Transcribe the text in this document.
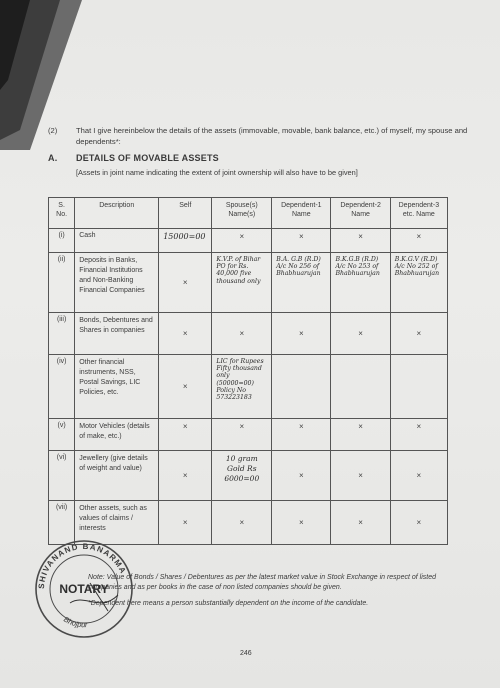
(2) That I give hereinbelow the details of the assets (immovable, movable, bank balance, etc.) of myself, my spouse and dependents*:
A. DETAILS OF MOVABLE ASSETS
[Assets in joint name indicating the extent of joint ownership will also have to be given]
S. No.	Description	Self	Spouse(s) Name(s)	Dependent-1 Name	Dependent-2 Name	Dependent-3 etc. Name
(i)	Cash	15000=00	×	×	×	×
(ii)	Deposits in Banks, Financial Institutions and Non-Banking Financial Companies	×	K.V.P. of Bihar PO for Rs. 40,000 five thousand only	B.A. G.B (R.D) A/c No 256 of Bhabhuarujan	B.K.G.B (R.D) A/c No 253 of Bhabhuarujan	B.K.G.V (R.D) A/c No 252 of Bhabhuarujan
(iii)	Bonds, Debentures and Shares in companies	×	×	×	×	×
(iv)	Other financial instruments, NSS, Postal Savings, LIC Policies, etc.	×	LIC for Rupees Fifty thousand only (50000=00) Policy No 573223183			
(v)	Motor Vehicles (details of make, etc.)	×	×	×	×	×
(vi)	Jewellery (give details of weight and value)	×	10 gram Gold Rs 6000=00	×	×	×
(vii)	Other assets, such as values of claims / interests	×	×	×	×	×
Note: Value of Bonds / Shares / Debentures as per the latest market value in Stock Exchange in respect of listed companies and as per books in the case of non listed companies should be given.
*Dependent here means a person substantially dependent on the income of the candidate.
246
SHIVANAND BANARMA
NOTARY
Bhojpur
